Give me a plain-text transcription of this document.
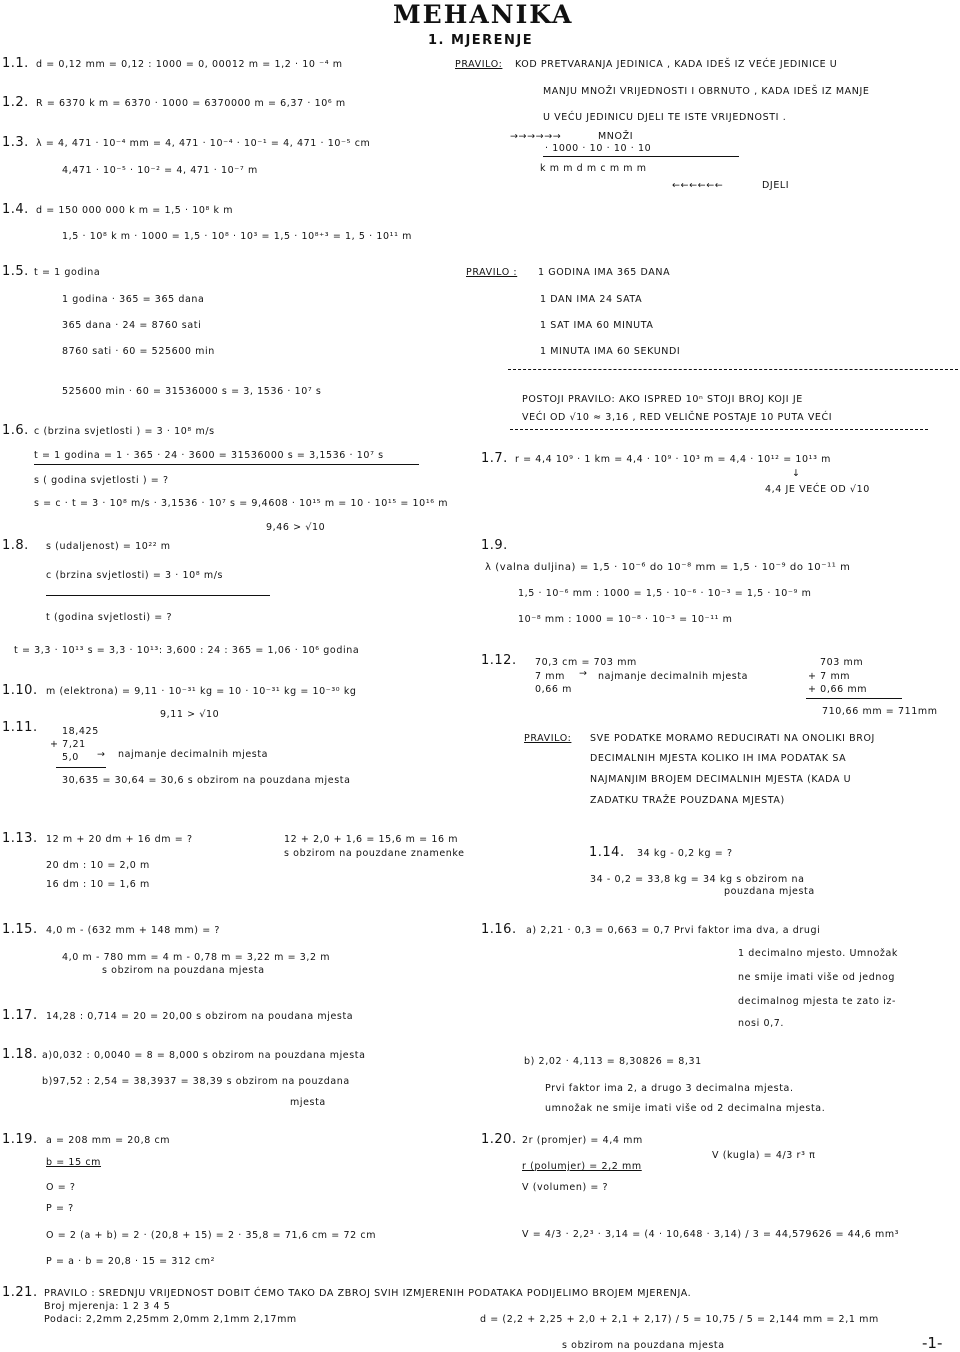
MEHANIKA
1. MJERENJE
1.1. d = 0,12 mm = 0,12 : 1000 = 0, 00012 m = 1,2 · 10 ⁻⁴ m
1.2. R = 6370 k m = 6370 · 1000 = 6370000 m = 6,37 · 10⁶ m
1.3. λ = 4, 471 · 10⁻⁴ mm = 4, 471 · 10⁻⁴ · 10⁻¹ = 4, 471 · 10⁻⁵ cm
4,471 · 10⁻⁵ · 10⁻² = 4, 471 · 10⁻⁷ m
1.4. d = 150 000 000 k m = 1,5 · 10⁸ k m
1,5 · 10⁸ k m · 1000 = 1,5 · 10⁸ · 10³ = 1,5 · 10⁸⁺³ = 1, 5 · 10¹¹ m
PRAVILO: KOD PRETVARANJA JEDINICA , KADA IDEŠ IZ VEĆE JEDINICE U
MANJU MNOŽI VRIJEDNOSTI I OBRNUTO , KADA IDEŠ IZ MANJE
U VEĆU JEDINICU DJELI TE ISTE VRIJEDNOSTI .
→→→→→→	MNOŽI
· 1000 · 10 · 10 · 10
k m m d m c m m m
←←←←←←	DJELI
1.5. t = 1 godina
1 godina · 365 = 365 dana
365 dana · 24 = 8760 sati
8760 sati · 60 = 525600 min
525600 min · 60 = 31536000 s = 3, 1536 · 10⁷ s
PRAVILO : 1 GODINA IMA 365 DANA
1 DAN IMA 24 SATA
1 SAT IMA 60 MINUTA
1 MINUTA IMA 60 SEKUNDI
POSTOJI PRAVILO: AKO ISPRED 10ⁿ STOJI BROJ KOJI JE
VEĆI OD √10 ≈ 3,16 , RED VELIČNE POSTAJE 10 PUTA VEĆI
1.6. c (brzina svjetlosti ) = 3 · 10⁸ m/s
t = 1 godina = 1 · 365 · 24 · 3600 = 31536000 s = 3,1536 · 10⁷ s
s ( godina svjetlosti ) = ?
s = c · t = 3 · 10⁸ m/s · 3,1536 · 10⁷ s = 9,4608 · 10¹⁵ m = 10 · 10¹⁵ = 10¹⁶ m
9,46 > √10
1.7. r = 4,4 10⁹ · 1 km = 4,4 · 10⁹ · 10³ m = 4,4 · 10¹² = 10¹³ m
↓
4,4 JE VEĆE OD √10
1.8. s (udaljenost) = 10²² m
c (brzina svjetlosti) = 3 · 10⁸ m/s
t (godina svjetlosti) = ?
t = 3,3 · 10¹³ s = 3,3 · 10¹³: 3,600 : 24 : 365 = 1,06 · 10⁶ godina
1.9.
λ (valna duljina) = 1,5 · 10⁻⁶ do 10⁻⁸ mm = 1,5 · 10⁻⁹ do 10⁻¹¹ m
1,5 · 10⁻⁶ mm : 1000 = 1,5 · 10⁻⁶ · 10⁻³ = 1,5 · 10⁻⁹ m
10⁻⁸ mm : 1000 = 10⁻⁸ · 10⁻³ = 10⁻¹¹ m
1.10. m (elektrona) = 9,11 · 10⁻³¹ kg = 10 · 10⁻³¹ kg = 10⁻³⁰ kg
9,11 > √10
1.11.	18,425
+ 7,21
5,0 → najmanje decimalnih mjesta
30,635 = 30,64 = 30,6 s obzirom na pouzdana mjesta
1.12. 70,3 cm = 703 mm
7 mm → najmanje decimalnih mjesta
0,66 m
703 mm
+ 7 mm
+ 0,66 mm
710,66 mm = 711mm
PRAVILO: SVE PODATKE MORAMO REDUCIRATI NA ONOLIKI BROJ
DECIMALNIH MJESTA KOLIKO IH IMA PODATAK SA
NAJMANJIM BROJEM DECIMALNIH MJESTA (KADA U
ZADATKU TRAŽE POUZDANA MJESTA)
1.13. 12 m + 20 dm + 16 dm = ?
20 dm : 10 = 2,0 m
16 dm : 10 = 1,6 m
12 + 2,0 + 1,6 = 15,6 m = 16 m
s obzirom na pouzdane znamenke	1.14. 34 kg - 0,2 kg = ?
34 - 0,2 = 33,8 kg = 34 kg s obzirom na
pouzdana mjesta
1.15. 4,0 m - (632 mm + 148 mm) = ?
4,0 m - 780 mm = 4 m - 0,78 m = 3,22 m = 3,2 m
s obzirom na pouzdana mjesta
1.16. a) 2,21 · 0,3 = 0,663 = 0,7 Prvi faktor ima dva, a drugi
1 decimalno mjesto. Umnožak
ne smije imati više od jednog
decimalnog mjesta te zato iz-
nosi 0,7.
1.17. 14,28 : 0,714 = 20 = 20,00 s obzirom na poudana mjesta
1.18. a)0,032 : 0,0040 = 8 = 8,000 s obzirom na pouzdana mjesta
b)97,52 : 2,54 = 38,3937 = 38,39 s obzirom na pouzdana
mjesta
b) 2,02 · 4,113 = 8,30826 = 8,31
Prvi faktor ima 2, a drugo 3 decimalna mjesta.
umnožak ne smije imati više od 2 decimalna mjesta.
1.19. a = 208 mm = 20,8 cm
b = 15 cm
O = ?
P = ?
O = 2 (a + b) = 2 · (20,8 + 15) = 2 · 35,8 = 71,6 cm = 72 cm
P = a · b = 20,8 · 15 = 312 cm²
1.20. 2r (promjer) = 4,4 mm
r (polumjer) = 2,2 mm
V (volumen) = ?
V (kugla) = 4/3 r³ π
V = 4/3 · 2,2³ · 3,14 = (4 · 10,648 · 3,14) / 3 = 44,579626 = 44,6 mm³
1.21. PRAVILO : SREDNJU VRIJEDNOST DOBIT ĆEMO TAKO DA ZBROJ SVIH IZMJERENIH PODATAKA PODIJELIMO BROJEM MJERENJA.
Broj mjerenja: 1 2 3 4 5
Podaci: 2,2mm 2,25mm 2,0mm 2,1mm 2,17mm	d = (2,2 + 2,25 + 2,0 + 2,1 + 2,17) / 5 = 10,75 / 5 = 2,144 mm = 2,1 mm
s obzirom na pouzdana mjesta	-1-
